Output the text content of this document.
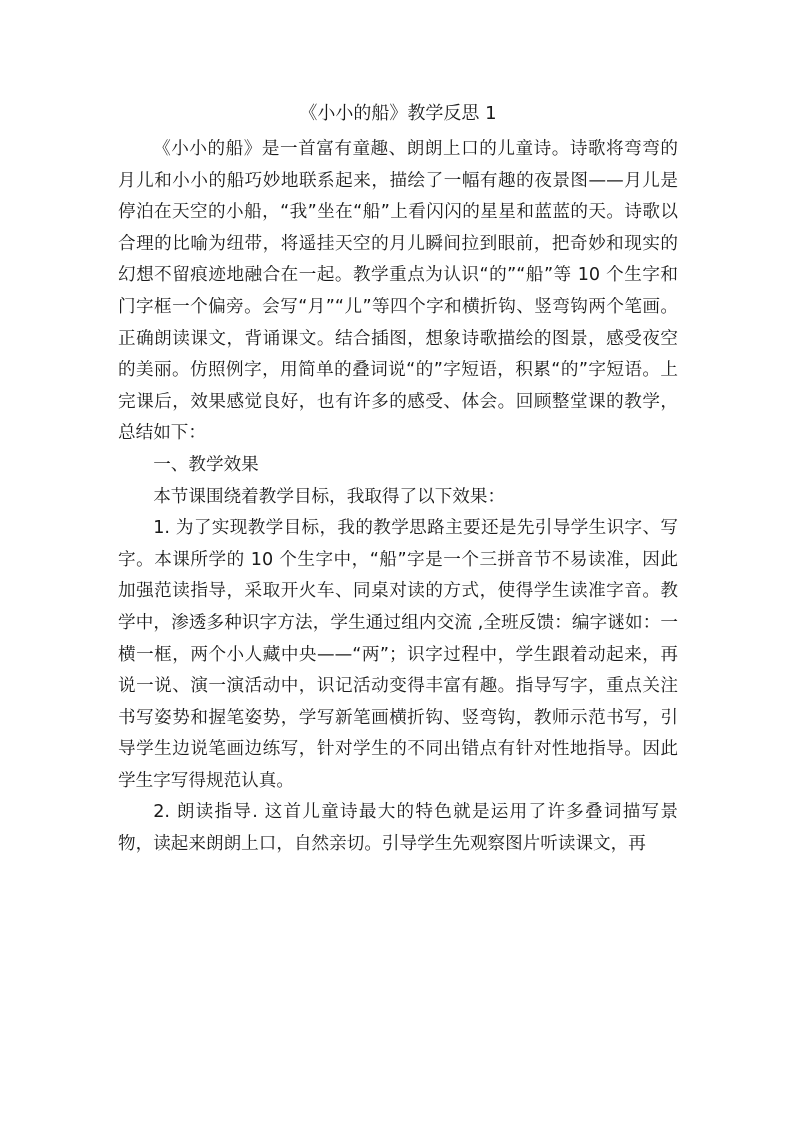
《小小的船》教学反思 1

《小小的船》是一首富有童趣、朗朗上口的儿童诗。诗歌将弯弯的月儿和小小的船巧妙地联系起来，描绘了一幅有趣的夜景图——月儿是停泊在天空的小船，“我”坐在“船”上看闪闪的星星和蓝蓝的天。诗歌以合理的比喻为纽带，将遥挂天空的月儿瞬间拉到眼前，把奇妙和现实的幻想不留痕迹地融合在一起。教学重点为认识“的”“船”等 10 个生字和门字框一个偏旁。会写“月”“儿”等四个字和横折钩、竖弯钩两个笔画。正确朗读课文，背诵课文。结合插图，想象诗歌描绘的图景，感受夜空的美丽。仿照例字，用简单的叠词说“的”字短语，积累“的”字短语。上完课后，效果感觉良好，也有许多的感受、体会。回顾整堂课的教学，总结如下：

一、教学效果

本节课围绕着教学目标，我取得了以下效果：

1. 为了实现教学目标，我的教学思路主要还是先引导学生识字、写字。本课所学的 10 个生字中，“船”字是一个三拼音节不易读准，因此加强范读指导，采取开火车、同桌对读的方式，使得学生读准字音。教学中，渗透多种识字方法，学生通过组内交流 ,全班反馈：编字谜如：一横一框，两个小人藏中央——“两”；识字过程中，学生跟着动起来，再说一说、演一演活动中，识记活动变得丰富有趣。指导写字，重点关注书写姿势和握笔姿势，学写新笔画横折钩、竖弯钩，教师示范书写，引导学生边说笔画边练写，针对学生的不同出错点有针对性地指导。因此学生字写得规范认真。

2. 朗读指导. 这首儿童诗最大的特色就是运用了许多叠词描写景物，读起来朗朗上口，自然亲切。引导学生先观察图片听读课文，再
